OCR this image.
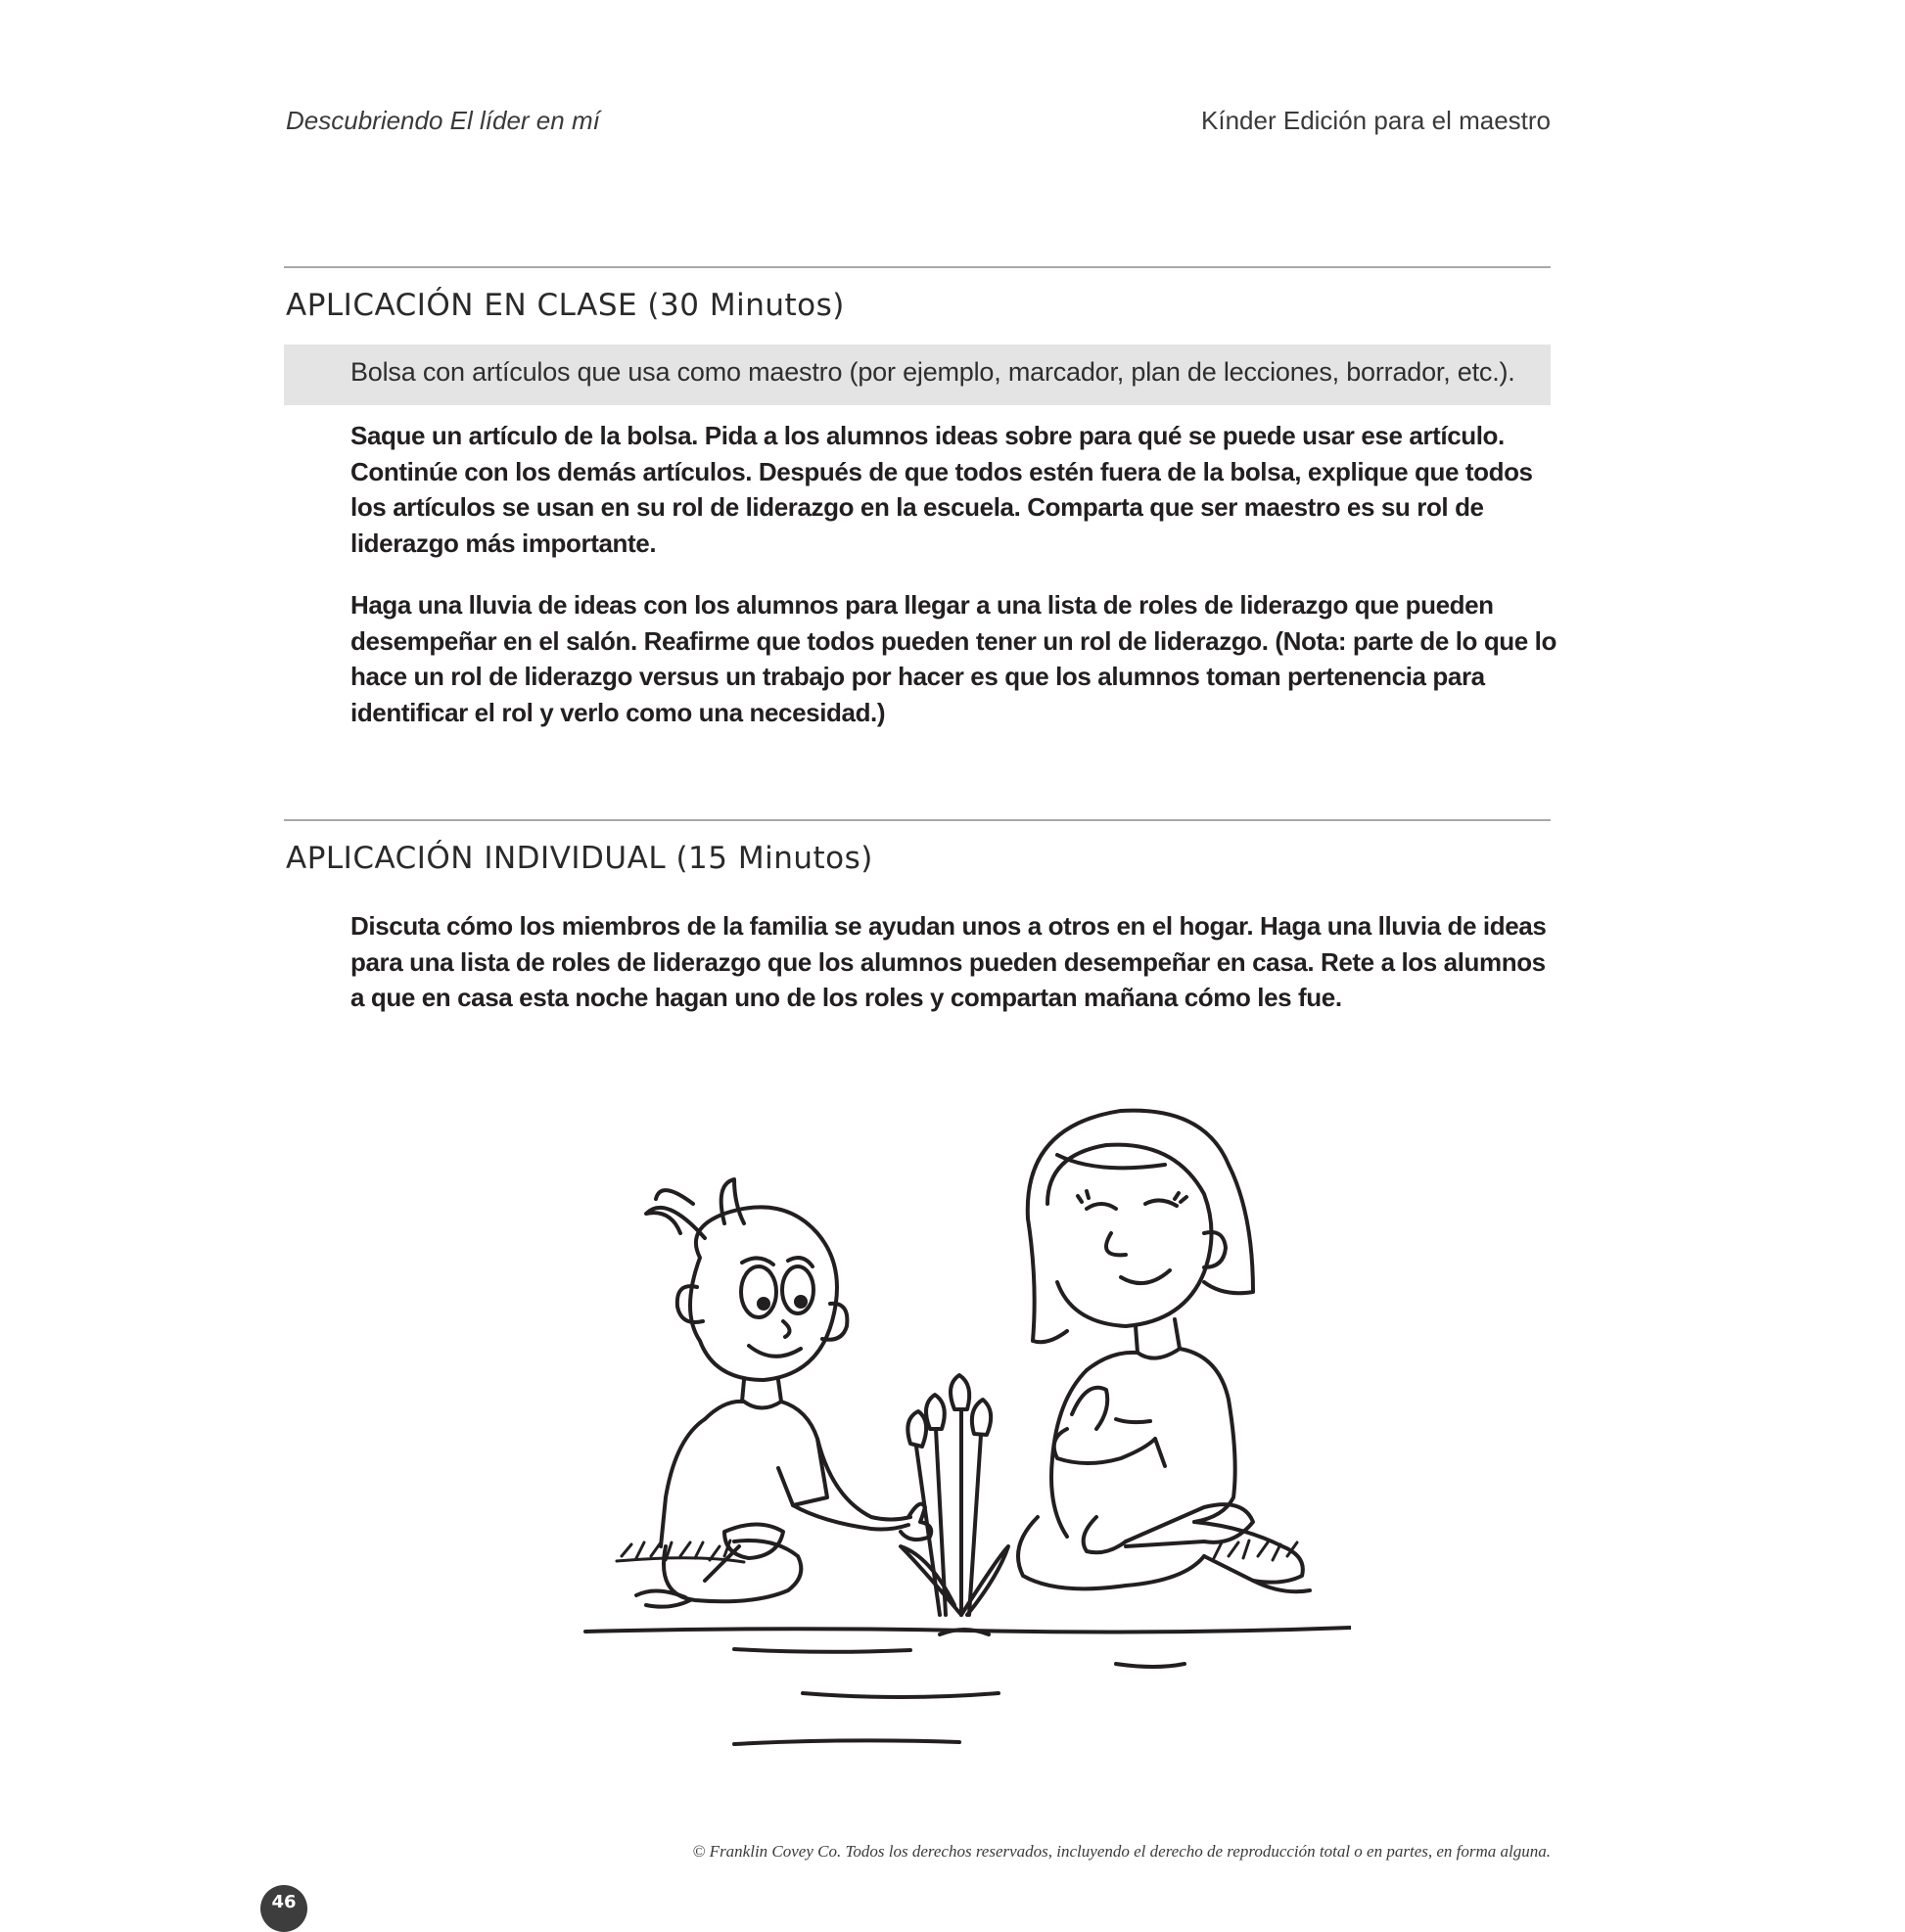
Descubriendo El líder en mí	Kínder Edición para el maestro
APLICACIÓN EN CLASE (30 Minutos)
Bolsa con artículos que usa como maestro (por ejemplo, marcador, plan de lecciones, borrador, etc.).
Saque un artículo de la bolsa. Pida a los alumnos ideas sobre para qué se puede usar ese artículo. Continúe con los demás artículos. Después de que todos estén fuera de la bolsa, explique que todos los artículos se usan en su rol de liderazgo en la escuela. Comparta que ser maestro es su rol de liderazgo más importante.
Haga una lluvia de ideas con los alumnos para llegar a una lista de roles de liderazgo que pueden desempeñar en el salón. Reafirme que todos pueden tener un rol de liderazgo. (Nota: parte de lo que lo hace un rol de liderazgo versus un trabajo por hacer es que los alumnos toman pertenencia para identificar el rol y verlo como una necesidad.)
APLICACIÓN INDIVIDUAL (15 Minutos)
Discuta cómo los miembros de la familia se ayudan unos a otros en el hogar. Haga una lluvia de ideas para una lista de roles de liderazgo que los alumnos pueden desempeñar en casa. Rete a los alumnos a que en casa esta noche hagan uno de los roles y compartan mañana cómo les fue.
© Franklin Covey Co. Todos los derechos reservados, incluyendo el derecho de reproducción total o en partes, en forma alguna.
46
